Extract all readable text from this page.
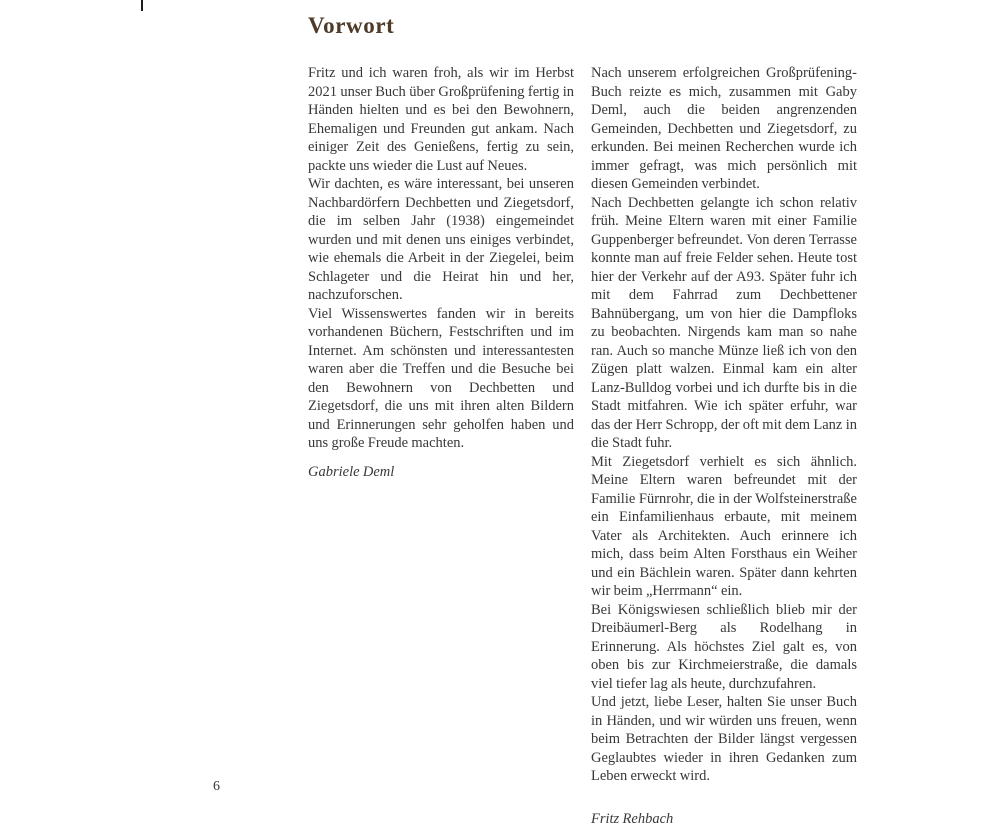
Vorwort

Fritz und ich waren froh, als wir im Herbst 2021 unser Buch über Großprüfening fertig in Händen hielten und es bei den Bewohnern, Ehemaligen und Freunden gut ankam. Nach einiger Zeit des Genießens, fertig zu sein, packte uns wieder die Lust auf Neues.

Wir dachten, es wäre interessant, bei unseren Nachbardörfern Dechbetten und Ziegetsdorf, die im selben Jahr (1938) eingemeindet wurden und mit denen uns einiges verbindet, wie ehemals die Arbeit in der Ziegelei, beim Schlageter und die Heirat hin und her, nachzuforschen.

Viel Wissenswertes fanden wir in bereits vorhandenen Büchern, Festschriften und im Internet. Am schönsten und interessantesten waren aber die Treffen und die Besuche bei den Bewohnern von Dechbetten und Ziegetsdorf, die uns mit ihren alten Bildern und Erinnerungen sehr geholfen haben und uns große Freude machten.

Gabriele Deml

Nach unserem erfolgreichen Großprüfening-Buch reizte es mich, zusammen mit Gaby Deml, auch die beiden angrenzenden Gemeinden, Dechbetten und Ziegetsdorf, zu erkunden. Bei meinen Recherchen wurde ich immer gefragt, was mich persönlich mit diesen Gemeinden verbindet.

Nach Dechbetten gelangte ich schon relativ früh. Meine Eltern waren mit einer Familie Guppenberger befreundet. Von deren Terrasse konnte man auf freie Felder sehen. Heute tost hier der Verkehr auf der A93. Später fuhr ich mit dem Fahrrad zum Dechbettener Bahnübergang, um von hier die Dampfloks zu beobachten. Nirgends kam man so nahe ran. Auch so manche Münze ließ ich von den Zügen platt walzen. Einmal kam ein alter Lanz-Bulldog vorbei und ich durfte bis in die Stadt mitfahren. Wie ich später erfuhr, war das der Herr Schropp, der oft mit dem Lanz in die Stadt fuhr.

Mit Ziegetsdorf verhielt es sich ähnlich. Meine Eltern waren befreundet mit der Familie Fürnrohr, die in der Wolfsteinerstraße ein Einfamilienhaus erbaute, mit meinem Vater als Architekten. Auch erinnere ich mich, dass beim Alten Forsthaus ein Weiher und ein Bächlein waren. Später dann kehrten wir beim „Herrmann“ ein.

Bei Königswiesen schließlich blieb mir der Dreibäumerl-Berg als Rodelhang in Erinnerung. Als höchstes Ziel galt es, von oben bis zur Kirchmeierstraße, die damals viel tiefer lag als heute, durchzufahren.

Und jetzt, liebe Leser, halten Sie unser Buch in Händen, und wir würden uns freuen, wenn beim Betrachten der Bilder längst vergessen Geglaubtes wieder in ihren Gedanken zum Leben erweckt wird.

Fritz Rehbach

6
